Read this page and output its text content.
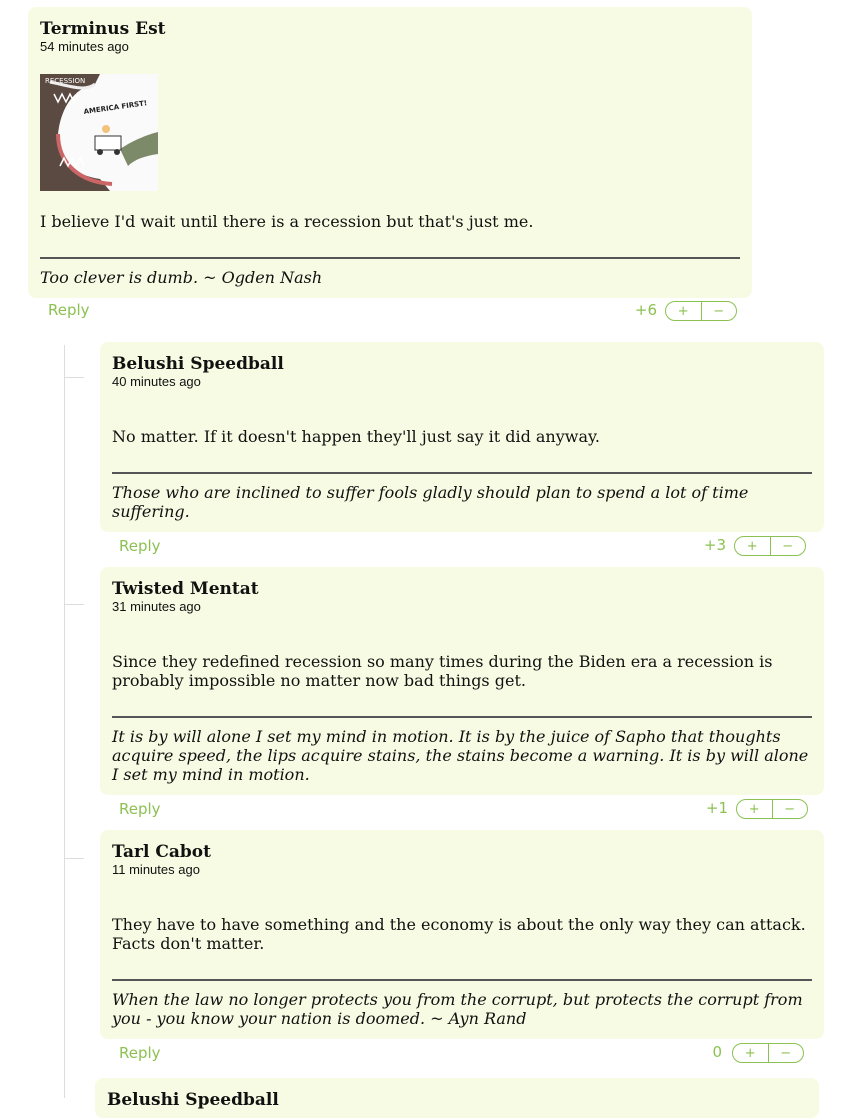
Terminus Est
54 minutes ago
RECESSION
AMERICA FIRST!
I believe I'd wait until there is a recession but that's just me.
Too clever is dumb. ~ Ogden Nash
Reply	+6	+	−
Belushi Speedball
40 minutes ago
No matter. If it doesn't happen they'll just say it did anyway.
Those who are inclined to suffer fools gladly should plan to spend a lot of time suffering.
Reply	+3	+	−
Twisted Mentat
31 minutes ago
Since they redefined recession so many times during the Biden era a recession is probably impossible no matter now bad things get.
It is by will alone I set my mind in motion. It is by the juice of Sapho that thoughts acquire speed, the lips acquire stains, the stains become a warning. It is by will alone I set my mind in motion.
Reply	+1	+	−
Tarl Cabot
11 minutes ago
They have to have something and the economy is about the only way they can attack. Facts don't matter.
When the law no longer protects you from the corrupt, but protects the corrupt from you - you know your nation is doomed. ~ Ayn Rand
Reply	0	+	−
Belushi Speedball
